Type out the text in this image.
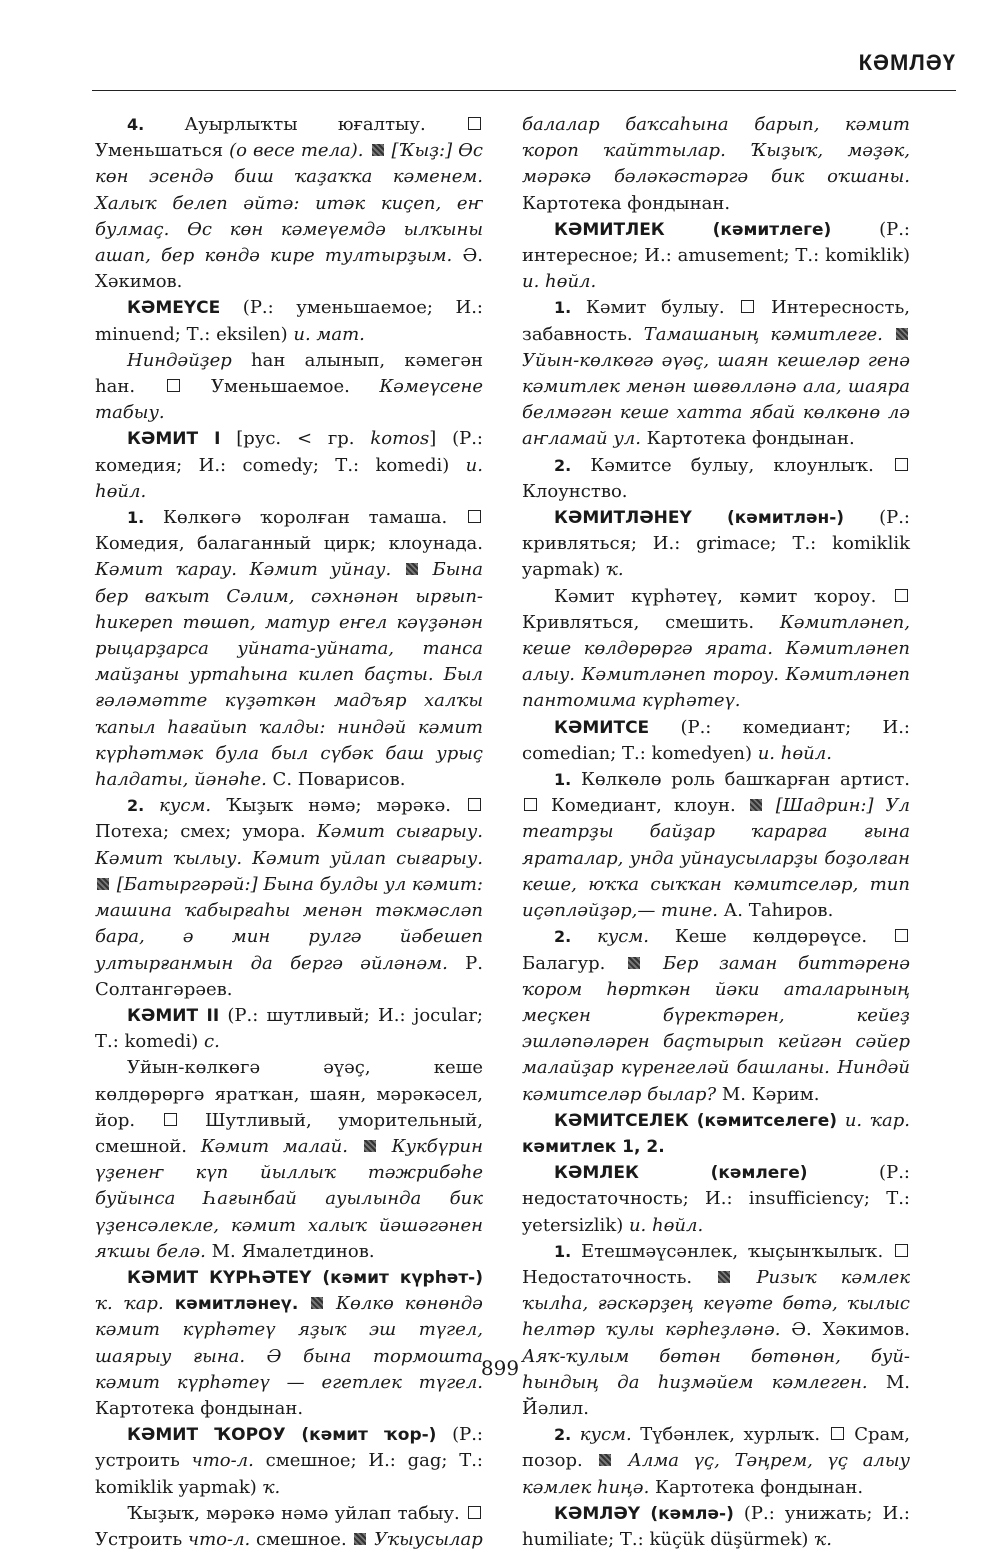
КӘМЛӘҮ

4. Ауырлыҡты юғалтыу.  Уменьшаться (о весе тела).  [Ҡыҙ:] Өс көн эсендә биш ҡаҙаҡҡа кәменем. Халыҡ белеп әйтә: итәк киҫеп, еҥ булмаҫ. Өс көн кәмеүемдә ылҡыны ашап, бер көндә кире тултырҙым. Ә. Хәкимов.

КӘМЕҮСЕ (Р.: уменьшаемое; И.: minuend; Т.: eksilen) и. мат.

Ниндәйҙер һан алынып, кәмегән һан.	Уменьшаемое. Кәмеүсене табыу.

КӘМИТ I [рус. < гр. komos] (Р.: комедия; И.: comedy; Т.: komedi) и. һөйл.

1. Көлкөгә ҡоролған тамаша.  Комедия, балаганный цирк; клоунада. Кәмит ҡарау. Кәмит уйнау.  Бына бер ваҡыт Сәлим, сәхнәнән ырғып-һикереп төшөп, матур еҥел кәүҙәнән рыцарҙарса уйната-уйната, танса майҙаны уртаһына килеп баҫты. Был ғәләмәтте күҙәткән мадъяр халҡы ҡапыл һағайып ҡалды: ниндәй кәмит күрһәтмәк була был сүбәк баш урыҫ һалдаты, йәнәһе. С. Поварисов.

2. кусм. Ҡыҙыҡ нәмә; мәрәкә.  Потеха; смех; умора. Кәмит сығарыу. Кәмит ҡылыу. Кәмит уйлап сығарыу.  [Батыргәрәй:] Бына булды ул кәмит: машина ҡабырғаһы менән тәкмәсләп бара, ә мин рулгә йәбешеп ултырғанмын да бергә әйләнәм. Р. Солтангәрәев.

КӘМИТ II (Р.: шутливый; И.: jocular; Т.: komedi) с.

Уйын-көлкөгә әүәҫ, кеше көлдөрөргә яратҡан, шаян, мәрәкәсел, йор.  Шутливый, уморительный, смешной. Кәмит малай.  Кукбүрин үҙенеҥ күп йыллыҡ тәжрибәһе буйынса Һағынбай ауылында бик үҙенсәлекле, кәмит халыҡ йәшәгәнен яҡшы белә. М. Ямалетдинов.

КӘМИТ КҮРҺӘТЕҮ (кәмит күрһәт-) ҡ. ҡар. кәмитләнеү.  Көлкө көнөндә кәмит күрһәтеү яҙыҡ эш түгел, шаярыу ғына. Ә бына тормошта кәмит күрһәтеү — егетлек түгел. Картотека фондынан.

КӘМИТ ҠОРОУ (кәмит ҡор-) (Р.: устроить что-л. смешное; И.: gag; Т.: komiklik yapmak) ҡ.

Ҡыҙыҡ, мәрәкә нәмә уйлап табыу.  Устроить что-л. смешное.  Уҡыусылар

балалар баҡсаһына барып, кәмит ҡороп ҡайттылар. Ҡыҙыҡ, мәҙәк, мәрәкә бәләкәстәргә бик оҡшаны. Картотека фондынан.

КӘМИТЛЕК (кәмитлеге) (Р.: интересное; И.: amusement; Т.: komiklik) и. һөйл.

1. Кәмит булыу.  Интересность, забавность. Тамашаның кәмитлеге.  Уйын-көлкөгә әүәҫ, шаян кешеләр генә кәмитлек менән шөғөлләнә ала, шаяра белмәгән кеше хатта ябай көлкөнө лә аҥламай ул. Картотека фондынан.

2. Кәмитсе булыу, клоунлыҡ.  Клоунство.

КӘМИТЛӘНЕҮ (кәмитлән-) (Р.: кривляться; И.: grimace; Т.: komiklik yapmak) ҡ.

Кәмит күрһәтеү, кәмит ҡороу.  Кривляться, смешить. Кәмитләнеп, кеше көлдөрөргә ярата. Кәмитләнеп алыу. Кәмитләнеп тороу. Кәмитләнеп пантомима күрһәтеү.

КӘМИТСЕ (Р.: комедиант; И.: comedian; Т.: komedyen) и. һөйл.

1. Көлкөлө роль башҡарған артист.  Комедиант, клоун.  [Шадрин:] Ул театрҙы байҙар ҡарарға ғына яраталар, унда уйнаусыларҙы боҙолған кеше, юҡҡа сыҡҡан кәмитселәр, тип иҫәпләйҙәр,— тине. А. Таһиров.

2. кусм. Кеше көлдөрөүсе.  Балагур.  Бер заман биттәренә ҡором һөрткән йәки аталарының меҫкен бүректәрен, кейеҙ эшләпәләрен баҫтырып кейгән сәйер малайҙар күренгеләй башланы. Ниндәй кәмитселәр былар? М. Кәрим.

КӘМИТСЕЛЕК (кәмитселеге) и. ҡар. кәмитлек 1, 2.

КӘМЛЕК (кәмлеге) (Р.: недостаточность; И.: insufficiency; Т.: yetersizlik) и. һөйл.

1. Етешмәүсәнлек, ҡыҫынҡылыҡ.  Недостаточность.  Ризыҡ кәмлек ҡылһа, ғәскәрҙең кеүәте бөтә, ҡылыс һелтәр ҡулы кәрһеҙләнә. Ә. Хәкимов. Аяҡ-ҡулым бөтөн бөтөнөн, буй-һындың да һиҙмәйем кәмлеген. М. Йәлил.

2. кусм. Түбәнлек, хурлыҡ.  Срам, позор.  Алма үҫ, Тәңрем, үҫ алыу кәмлек һиңә. Картотека фондынан.

КӘМЛӘҮ (кәмлә-) (Р.: унижать; И.: humiliate; Т.: küçük düşürmek) ҡ.

899
